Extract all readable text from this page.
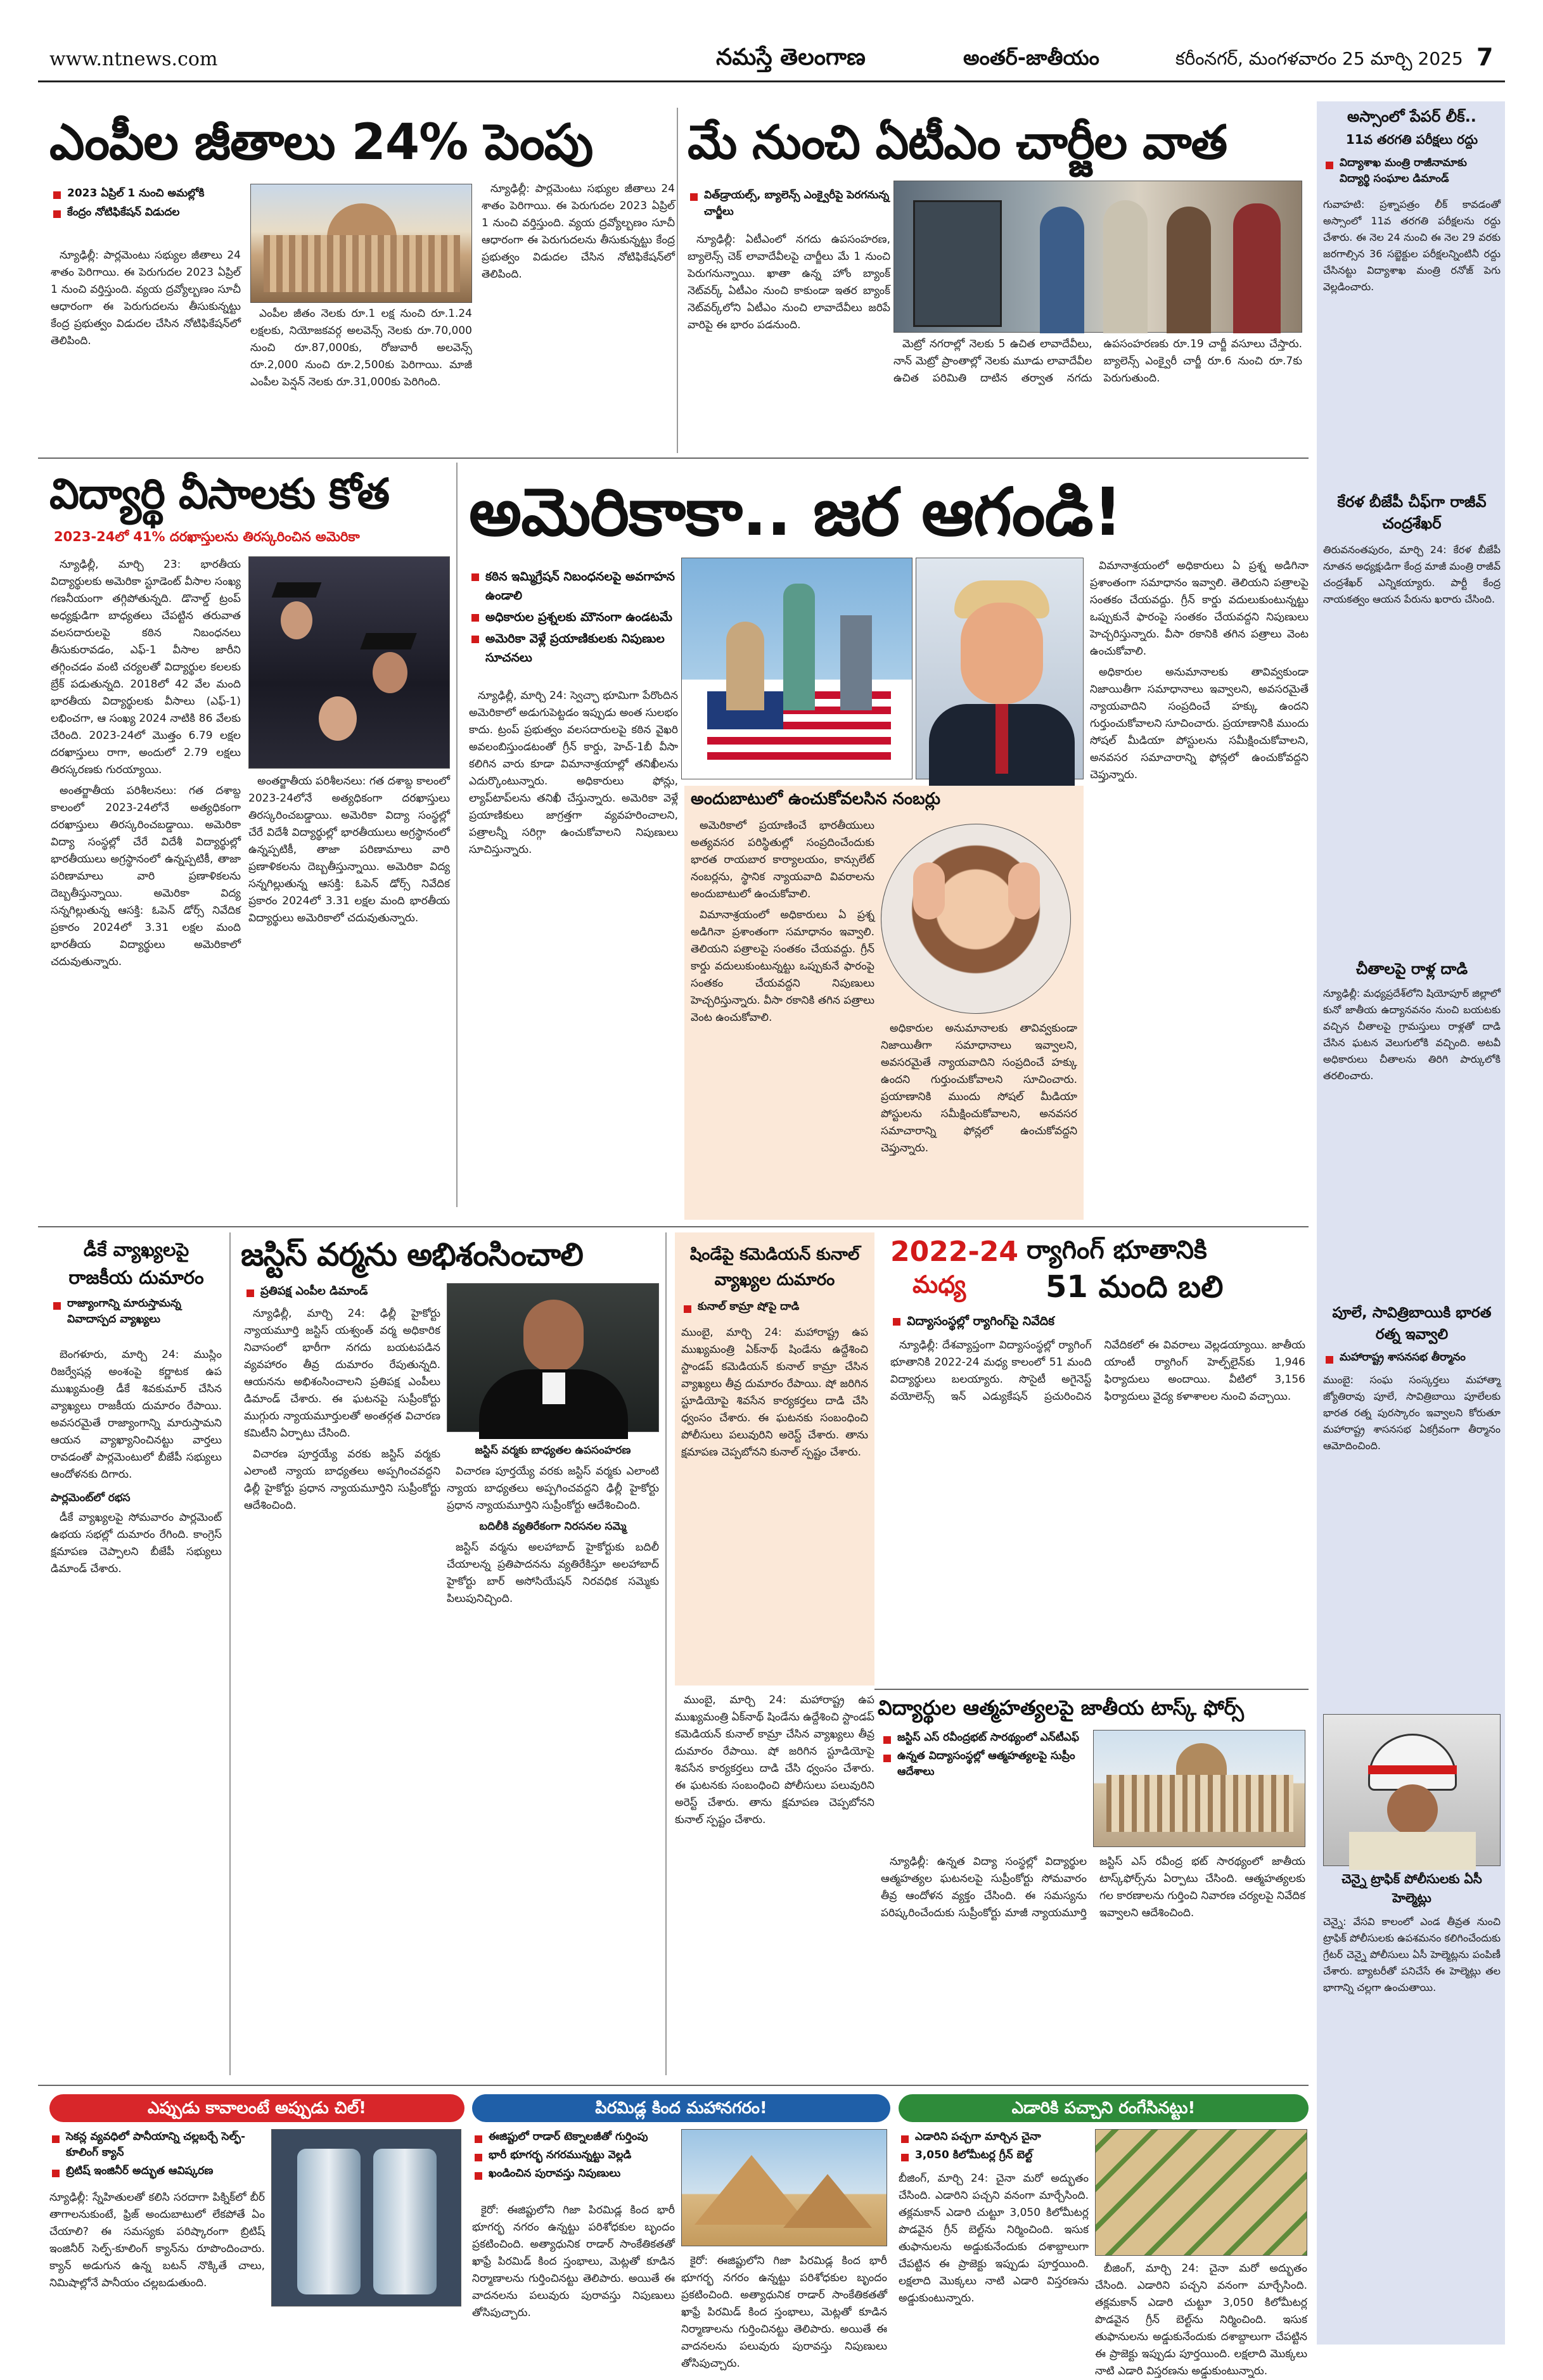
www.ntnews.com	నమస్తే తెలంగాణ	అంతర్-జాతీయం	కరీంనగర్, మంగళవారం 25 మార్చి 2025 7
ఎంపీల జీతాలు 24% పెంపు
2023 ఏప్రిల్ 1 నుంచి అమల్లోకి
కేంద్రం నోటిఫికేషన్ విడుదల

న్యూఢిల్లీ: పార్లమెంటు సభ్యుల జీతాలు 24 శాతం పెరిగాయి. ఈ పెరుగుదల 2023 ఏప్రిల్ 1 నుంచి వర్తిస్తుంది. వ్యయ ద్రవ్యోల్బణం సూచీ ఆధారంగా ఈ పెరుగుదలను తీసుకున్నట్టు కేంద్ర ప్రభుత్వం విడుదల చేసిన నోటిఫికేషన్‌లో తెలిపింది.

ఎంపీల జీతం నెలకు రూ.1 లక్ష నుంచి రూ.1.24 లక్షలకు, నియోజకవర్గ అలవెన్స్ నెలకు రూ.70,000 నుంచి రూ.87,000కు, రోజువారీ అలవెన్స్ రూ.2,000 నుంచి రూ.2,500కు పెరిగాయి. మాజీ ఎంపీల పెన్షన్ నెలకు రూ.31,000కు పెరిగింది.

న్యూఢిల్లీ: పార్లమెంటు సభ్యుల జీతాలు 24 శాతం పెరిగాయి. ఈ పెరుగుదల 2023 ఏప్రిల్ 1 నుంచి వర్తిస్తుంది. వ్యయ ద్రవ్యోల్బణం సూచీ ఆధారంగా ఈ పెరుగుదలను తీసుకున్నట్టు కేంద్ర ప్రభుత్వం విడుదల చేసిన నోటిఫికేషన్‌లో తెలిపింది.

మే నుంచి ఏటీఎం చార్జీల వాత
విత్‌డ్రాయల్స్, బ్యాలెన్స్ ఎంక్వైరీపై పెరగనున్న చార్జీలు

న్యూఢిల్లీ: ఏటీఎంలో నగదు ఉపసంహరణ, బ్యాలెన్స్ చెక్ లావాదేవీలపై చార్జీలు మే 1 నుంచి పెరుగనున్నాయి. ఖాతా ఉన్న హోం బ్యాంక్ నెట్‌వర్క్ ఏటీఎం నుంచి కాకుండా ఇతర బ్యాంక్ నెట్‌వర్క్‌లోని ఏటీఎం నుంచి లావాదేవీలు జరిపే వారిపై ఈ భారం పడనుంది.

మెట్రో నగరాల్లో నెలకు 5 ఉచిత లావాదేవీలు, నాన్ మెట్రో ప్రాంతాల్లో నెలకు మూడు లావాదేవీల ఉచిత పరిమితి దాటిన తర్వాత నగదు ఉపసంహరణకు రూ.19 చార్జీ వసూలు చేస్తారు. బ్యాలెన్స్ ఎంక్వైరీ చార్జీ రూ.6 నుంచి రూ.7కు పెరుగుతుంది.

విద్యార్థి వీసాలకు కోత
2023-24లో 41% దరఖాస్తులను తిరస్కరించిన అమెరికా

న్యూఢిల్లీ, మార్చి 23: భారతీయ విద్యార్థులకు అమెరికా స్టూడెంట్ వీసాల సంఖ్య గణనీయంగా తగ్గిపోతున్నది. డొనాల్డ్ ట్రంప్ అధ్యక్షుడిగా బాధ్యతలు చేపట్టిన తరువాత వలసదారులపై కఠిన నిబంధనలు తీసుకురావడం, ఎఫ్-1 వీసాల జారీని తగ్గించడం వంటి చర్యలతో విద్యార్థుల కలలకు బ్రేక్ పడుతున్నది. 2018లో 42 వేల మంది భారతీయ విద్యార్థులకు వీసాలు (ఎఫ్-1) లభించగా, ఆ సంఖ్య 2024 నాటికి 86 వేలకు చేరింది. 2023-24లో మొత్తం 6.79 లక్షల దరఖాస్తులు రాగా, అందులో 2.79 లక్షలు తిరస్కరణకు గురయ్యాయి.

అంతర్జాతీయ పరిశీలనలు: గత దశాబ్ద కాలంలో 2023-24లోనే అత్యధికంగా దరఖాస్తులు తిరస్కరించబడ్డాయి. అమెరికా విద్యా సంస్థల్లో చేరే విదేశీ విద్యార్థుల్లో భారతీయులు అగ్రస్థానంలో ఉన్నప్పటికీ, తాజా పరిణామాలు వారి ప్రణాళికలను దెబ్బతీస్తున్నాయి. అమెరికా విద్య సన్నగిల్లుతున్న ఆసక్తి: ఓపెన్ డోర్స్ నివేదిక ప్రకారం 2024లో 3.31 లక్షల మంది భారతీయ విద్యార్థులు అమెరికాలో చదువుతున్నారు.

అంతర్జాతీయ పరిశీలనలు: గత దశాబ్ద కాలంలో 2023-24లోనే అత్యధికంగా దరఖాస్తులు తిరస్కరించబడ్డాయి. అమెరికా విద్యా సంస్థల్లో చేరే విదేశీ విద్యార్థుల్లో భారతీయులు అగ్రస్థానంలో ఉన్నప్పటికీ, తాజా పరిణామాలు వారి ప్రణాళికలను దెబ్బతీస్తున్నాయి. అమెరికా విద్య సన్నగిల్లుతున్న ఆసక్తి: ఓపెన్ డోర్స్ నివేదిక ప్రకారం 2024లో 3.31 లక్షల మంది భారతీయ విద్యార్థులు అమెరికాలో చదువుతున్నారు.

అమెరికాకా.. జర ఆగండి!
కఠిన ఇమ్మిగ్రేషన్ నిబంధనలపై అవగాహన ఉండాలి
అధికారుల ప్రశ్నలకు మౌనంగా ఉండటమే
అమెరికా వెళ్లే ప్రయాణికులకు నిపుణుల సూచనలు

న్యూఢిల్లీ, మార్చి 24: స్వెచ్ఛా భూమిగా పేరొందిన అమెరికాలో అడుగుపెట్టడం ఇప్పుడు అంత సులభం కాదు. ట్రంప్ ప్రభుత్వం వలసదారులపై కఠిన వైఖరి అవలంబిస్తుండటంతో గ్రీన్ కార్డు, హెచ్-1బీ వీసా కలిగిన వారు కూడా విమానాశ్రయాల్లో తనిఖీలను ఎదుర్కొంటున్నారు. అధికారులు ఫోన్లు, ల్యాప్‌టాప్‌లను తనిఖీ చేస్తున్నారు. అమెరికా వెళ్లే ప్రయాణికులు జాగ్రత్తగా వ్యవహరించాలని, పత్రాలన్నీ సరిగ్గా ఉంచుకోవాలని నిపుణులు సూచిస్తున్నారు.

విమానాశ్రయంలో అధికారులు ఏ ప్రశ్న అడిగినా ప్రశాంతంగా సమాధానం ఇవ్వాలి. తెలియని పత్రాలపై సంతకం చేయవద్దు. గ్రీన్ కార్డు వదులుకుంటున్నట్టు ఒప్పుకునే ఫారంపై సంతకం చేయవద్దని నిపుణులు హెచ్చరిస్తున్నారు. వీసా రకానికి తగిన పత్రాలు వెంట ఉంచుకోవాలి.

అధికారుల అనుమానాలకు తావివ్వకుండా నిజాయితీగా సమాధానాలు ఇవ్వాలని, అవసరమైతే న్యాయవాదిని సంప్రదించే హక్కు ఉందని గుర్తుంచుకోవాలని సూచించారు. ప్రయాణానికి ముందు సోషల్ మీడియా పోస్టులను సమీక్షించుకోవాలని, అనవసర సమాచారాన్ని ఫోన్లలో ఉంచుకోవద్దని చెప్తున్నారు.

అందుబాటులో ఉంచుకోవలసిన నంబర్లు

అమెరికాలో ప్రయాణించే భారతీయులు అత్యవసర పరిస్థితుల్లో సంప్రదించేందుకు భారత రాయబార కార్యాలయం, కాన్సులేట్ నంబర్లను, స్థానిక న్యాయవాది వివరాలను అందుబాటులో ఉంచుకోవాలి.

విమానాశ్రయంలో అధికారులు ఏ ప్రశ్న అడిగినా ప్రశాంతంగా సమాధానం ఇవ్వాలి. తెలియని పత్రాలపై సంతకం చేయవద్దు. గ్రీన్ కార్డు వదులుకుంటున్నట్టు ఒప్పుకునే ఫారంపై సంతకం చేయవద్దని నిపుణులు హెచ్చరిస్తున్నారు. వీసా రకానికి తగిన పత్రాలు వెంట ఉంచుకోవాలి.

అధికారుల అనుమానాలకు తావివ్వకుండా నిజాయితీగా సమాధానాలు ఇవ్వాలని, అవసరమైతే న్యాయవాదిని సంప్రదించే హక్కు ఉందని గుర్తుంచుకోవాలని సూచించారు. ప్రయాణానికి ముందు సోషల్ మీడియా పోస్టులను సమీక్షించుకోవాలని, అనవసర సమాచారాన్ని ఫోన్లలో ఉంచుకోవద్దని చెప్తున్నారు.

అస్సాంలో పేపర్ లీక్..
11వ తరగతి పరీక్షలు రద్దు
విద్యాశాఖ మంత్రి రాజీనామాకు విద్యార్థి సంఘాల డిమాండ్
గువాహటి: ప్రశ్నాపత్రం లీక్ కావడంతో అస్సాంలో 11వ తరగతి పరీక్షలను రద్దు చేశారు. ఈ నెల 24 నుంచి ఈ నెల 29 వరకు జరగాల్సిన 36 సబ్జెక్టుల పరీక్షలన్నింటినీ రద్దు చేసినట్టు విద్యాశాఖ మంత్రి రనోజ్ పెగు వెల్లడించారు.
కేరళ బీజేపీ చీఫ్‌గా రాజీవ్ చంద్రశేఖర్
తిరువనంతపురం, మార్చి 24: కేరళ బీజేపీ నూతన అధ్యక్షుడిగా కేంద్ర మాజీ మంత్రి రాజీవ్ చంద్రశేఖర్ ఎన్నికయ్యారు. పార్టీ కేంద్ర నాయకత్వం ఆయన పేరును ఖరారు చేసింది.
చీతాలపై రాళ్ల దాడి
న్యూఢిల్లీ: మధ్యప్రదేశ్‌లోని షియోపూర్ జిల్లాలో కునో జాతీయ ఉద్యానవనం నుంచి బయటకు వచ్చిన చీతాలపై గ్రామస్తులు రాళ్లతో దాడి చేసిన ఘటన వెలుగులోకి వచ్చింది. అటవీ అధికారులు చీతాలను తిరిగి పార్కులోకి తరలించారు.
పూలే, సావిత్రిబాయికి భారత రత్న ఇవ్వాలి
మహారాష్ట్ర శాసనసభ తీర్మానం
ముంబై: సంఘ సంస్కర్తలు మహాత్మా జ్యోతిరావు పూలే, సావిత్రిబాయి పూలేలకు భారత రత్న పురస్కారం ఇవ్వాలని కోరుతూ మహారాష్ట్ర శాసనసభ ఏకగ్రీవంగా తీర్మానం ఆమోదించింది.
చెన్నై ట్రాఫిక్ పోలీసులకు ఏసీ హెల్మెట్లు
చెన్నై: వేసవి కాలంలో ఎండ తీవ్రత నుంచి ట్రాఫిక్ పోలీసులకు ఉపశమనం కలిగించేందుకు గ్రేటర్ చెన్నై పోలీసులు ఏసీ హెల్మెట్లను పంపిణీ చేశారు. బ్యాటరీతో పనిచేసే ఈ హెల్మెట్లు తల భాగాన్ని చల్లగా ఉంచుతాయి.
డీకే వ్యాఖ్యలపై రాజకీయ దుమారం
రాజ్యాంగాన్ని మారుస్తామన్న వివాదాస్పద వ్యాఖ్యలు

బెంగళూరు, మార్చి 24: ముస్లిం రిజర్వేషన్ల అంశంపై కర్ణాటక ఉప ముఖ్యమంత్రి డీకే శివకుమార్ చేసిన వ్యాఖ్యలు రాజకీయ దుమారం రేపాయి. అవసరమైతే రాజ్యాంగాన్ని మారుస్తామని ఆయన వ్యాఖ్యానించినట్టు వార్తలు రావడంతో పార్లమెంటులో బీజేపీ సభ్యులు ఆందోళనకు దిగారు.

పార్లమెంట్‌లో రభస

డీకే వ్యాఖ్యలపై సోమవారం పార్లమెంట్ ఉభయ సభల్లో దుమారం రేగింది. కాంగ్రెస్ క్షమాపణ చెప్పాలని బీజేపీ సభ్యులు డిమాండ్ చేశారు.

జస్టిస్ వర్మను అభిశంసించాలి
ప్రతిపక్ష ఎంపీల డిమాండ్

న్యూఢిల్లీ, మార్చి 24: ఢిల్లీ హైకోర్టు న్యాయమూర్తి జస్టిస్ యశ్వంత్ వర్మ అధికారిక నివాసంలో భారీగా నగదు బయటపడిన వ్యవహారం తీవ్ర దుమారం రేపుతున్నది. ఆయనను అభిశంసించాలని ప్రతిపక్ష ఎంపీలు డిమాండ్ చేశారు. ఈ ఘటనపై సుప్రీంకోర్టు ముగ్గురు న్యాయమూర్తులతో అంతర్గత విచారణ కమిటీని ఏర్పాటు చేసింది.

విచారణ పూర్తయ్యే వరకు జస్టిస్ వర్మకు ఎలాంటి న్యాయ బాధ్యతలు అప్పగించవద్దని ఢిల్లీ హైకోర్టు ప్రధాన న్యాయమూర్తిని సుప్రీంకోర్టు ఆదేశించింది.

జస్టిస్ వర్మకు బాధ్యతల ఉపసంహరణ

విచారణ పూర్తయ్యే వరకు జస్టిస్ వర్మకు ఎలాంటి న్యాయ బాధ్యతలు అప్పగించవద్దని ఢిల్లీ హైకోర్టు ప్రధాన న్యాయమూర్తిని సుప్రీంకోర్టు ఆదేశించింది.

బదిలీకి వ్యతిరేకంగా నిరసనల సమ్మె

జస్టిస్ వర్మను అలహాబాద్ హైకోర్టుకు బదిలీ చేయాలన్న ప్రతిపాదనను వ్యతిరేకిస్తూ అలహాబాద్ హైకోర్టు బార్ అసోసియేషన్ నిరవధిక సమ్మెకు పిలుపునిచ్చింది.

షిండేపై కమెడియన్ కునాల్ వ్యాఖ్యల దుమారం
కునాల్ కామ్రా షోపై దాడి
ముంబై, మార్చి 24: మహారాష్ట్ర ఉప ముఖ్యమంత్రి ఏక్‌నాథ్ షిండేను ఉద్దేశించి స్టాండప్ కమెడియన్ కునాల్ కామ్రా చేసిన వ్యాఖ్యలు తీవ్ర దుమారం రేపాయి. షో జరిగిన స్టూడియోపై శివసేన కార్యకర్తలు దాడి చేసి ధ్వంసం చేశారు. ఈ ఘటనకు సంబంధించి పోలీసులు పలువురిని అరెస్ట్ చేశారు. తాను క్షమాపణ చెప్పబోనని కునాల్ స్పష్టం చేశారు.
2022-24
మధ్య
ర్యాగింగ్ భూతానికి
51 మంది బలి
విద్యాసంస్థల్లో ర్యాగింగ్‌పై నివేదిక

న్యూఢిల్లీ: దేశవ్యాప్తంగా విద్యాసంస్థల్లో ర్యాగింగ్ భూతానికి 2022-24 మధ్య కాలంలో 51 మంది విద్యార్థులు బలయ్యారు. సొసైటీ అగైనెస్ట్ వయోలెన్స్ ఇన్ ఎడ్యుకేషన్ ప్రచురించిన నివేదికలో ఈ వివరాలు వెల్లడయ్యాయి. జాతీయ యాంటీ ర్యాగింగ్ హెల్ప్‌లైన్‌కు 1,946 ఫిర్యాదులు అందాయి. వీటిలో 3,156 ఫిర్యాదులు వైద్య కళాశాలల నుంచి వచ్చాయి.

విద్యార్థుల ఆత్మహత్యలపై జాతీయ టాస్క్ ఫోర్స్
జస్టిస్ ఎస్ రవీంద్రభట్ సారథ్యంలో ఎన్‌టీఎఫ్
ఉన్నత విద్యాసంస్థల్లో ఆత్మహత్యలపై సుప్రీం ఆదేశాలు

ముంబై, మార్చి 24: మహారాష్ట్ర ఉప ముఖ్యమంత్రి ఏక్‌నాథ్ షిండేను ఉద్దేశించి స్టాండప్ కమెడియన్ కునాల్ కామ్రా చేసిన వ్యాఖ్యలు తీవ్ర దుమారం రేపాయి. షో జరిగిన స్టూడియోపై శివసేన కార్యకర్తలు దాడి చేసి ధ్వంసం చేశారు. ఈ ఘటనకు సంబంధించి పోలీసులు పలువురిని అరెస్ట్ చేశారు. తాను క్షమాపణ చెప్పబోనని కునాల్ స్పష్టం చేశారు.

న్యూఢిల్లీ: ఉన్నత విద్యా సంస్థల్లో విద్యార్థుల ఆత్మహత్యల ఘటనలపై సుప్రీంకోర్టు సోమవారం తీవ్ర ఆందోళన వ్యక్తం చేసింది. ఈ సమస్యను పరిష్కరించేందుకు సుప్రీంకోర్టు మాజీ న్యాయమూర్తి జస్టిస్ ఎస్ రవీంద్ర భట్ సారథ్యంలో జాతీయ టాస్క్‌ఫోర్స్‌ను ఏర్పాటు చేసింది. ఆత్మహత్యలకు గల కారణాలను గుర్తించి నివారణ చర్యలపై నివేదిక ఇవ్వాలని ఆదేశించింది.

ఎప్పుడు కావాలంటే అప్పుడు చిల్!
సెకన్ల వ్యవధిలో పానీయాన్ని చల్లబర్చే సెల్ఫ్-కూలింగ్ క్యాన్
బ్రిటిష్ ఇంజినీర్ అద్భుత ఆవిష్కరణ
న్యూఢిల్లీ: స్నేహితులతో కలిసి సరదాగా పిక్నిక్‌లో బీర్ తాగాలనుకుంటే, ఫ్రిజ్ అందుబాటులో లేకపోతే ఏం చేయాలి? ఈ సమస్యకు పరిష్కారంగా బ్రిటిష్ ఇంజినీర్ సెల్ఫ్-కూలింగ్ క్యాన్‌ను రూపొందించారు. క్యాన్ అడుగున ఉన్న బటన్ నొక్కితే చాలు, నిమిషాల్లోనే పానీయం చల్లబడుతుంది.
పిరమిడ్ల కింద మహానగరం!
ఈజిప్టులో రాడార్ టెక్నాలజీతో గుర్తింపు
భారీ భూగర్భ నగరమున్నట్టు వెల్లడి
ఖండించిన పురావస్తు నిపుణులు

కైరో: ఈజిప్టులోని గిజా పిరమిడ్ల కింద భారీ భూగర్భ నగరం ఉన్నట్టు పరిశోధకుల బృందం ప్రకటించింది. అత్యాధునిక రాడార్ సాంకేతికతతో ఖాఫ్రే పిరమిడ్ కింద స్తంభాలు, మెట్లతో కూడిన నిర్మాణాలను గుర్తించినట్టు తెలిపారు. అయితే ఈ వాదనలను పలువురు పురావస్తు నిపుణులు తోసిపుచ్చారు.

కైరో: ఈజిప్టులోని గిజా పిరమిడ్ల కింద భారీ భూగర్భ నగరం ఉన్నట్టు పరిశోధకుల బృందం ప్రకటించింది. అత్యాధునిక రాడార్ సాంకేతికతతో ఖాఫ్రే పిరమిడ్ కింద స్తంభాలు, మెట్లతో కూడిన నిర్మాణాలను గుర్తించినట్టు తెలిపారు. అయితే ఈ వాదనలను పలువురు పురావస్తు నిపుణులు తోసిపుచ్చారు.

ఎడారికి పచ్చాని రంగేసినట్టు!
ఎడారిని పచ్చగా మార్చిన చైనా
3,050 కిలోమీటర్ల గ్రీన్ బెల్ట్
బీజింగ్, మార్చి 24: చైనా మరో అద్భుతం చేసింది. ఎడారిని పచ్చని వనంగా మార్చేసింది. తక్లమకాన్ ఎడారి చుట్టూ 3,050 కిలోమీటర్ల పొడవైన గ్రీన్ బెల్ట్‌ను నిర్మించింది. ఇసుక తుఫానులను అడ్డుకునేందుకు దశాబ్దాలుగా చేపట్టిన ఈ ప్రాజెక్టు ఇప్పుడు పూర్తయింది. లక్షలాది మొక్కలు నాటి ఎడారి విస్తరణను అడ్డుకుంటున్నారు.

బీజింగ్, మార్చి 24: చైనా మరో అద్భుతం చేసింది. ఎడారిని పచ్చని వనంగా మార్చేసింది. తక్లమకాన్ ఎడారి చుట్టూ 3,050 కిలోమీటర్ల పొడవైన గ్రీన్ బెల్ట్‌ను నిర్మించింది. ఇసుక తుఫానులను అడ్డుకునేందుకు దశాబ్దాలుగా చేపట్టిన ఈ ప్రాజెక్టు ఇప్పుడు పూర్తయింది. లక్షలాది మొక్కలు నాటి ఎడారి విస్తరణను అడ్డుకుంటున్నారు.
